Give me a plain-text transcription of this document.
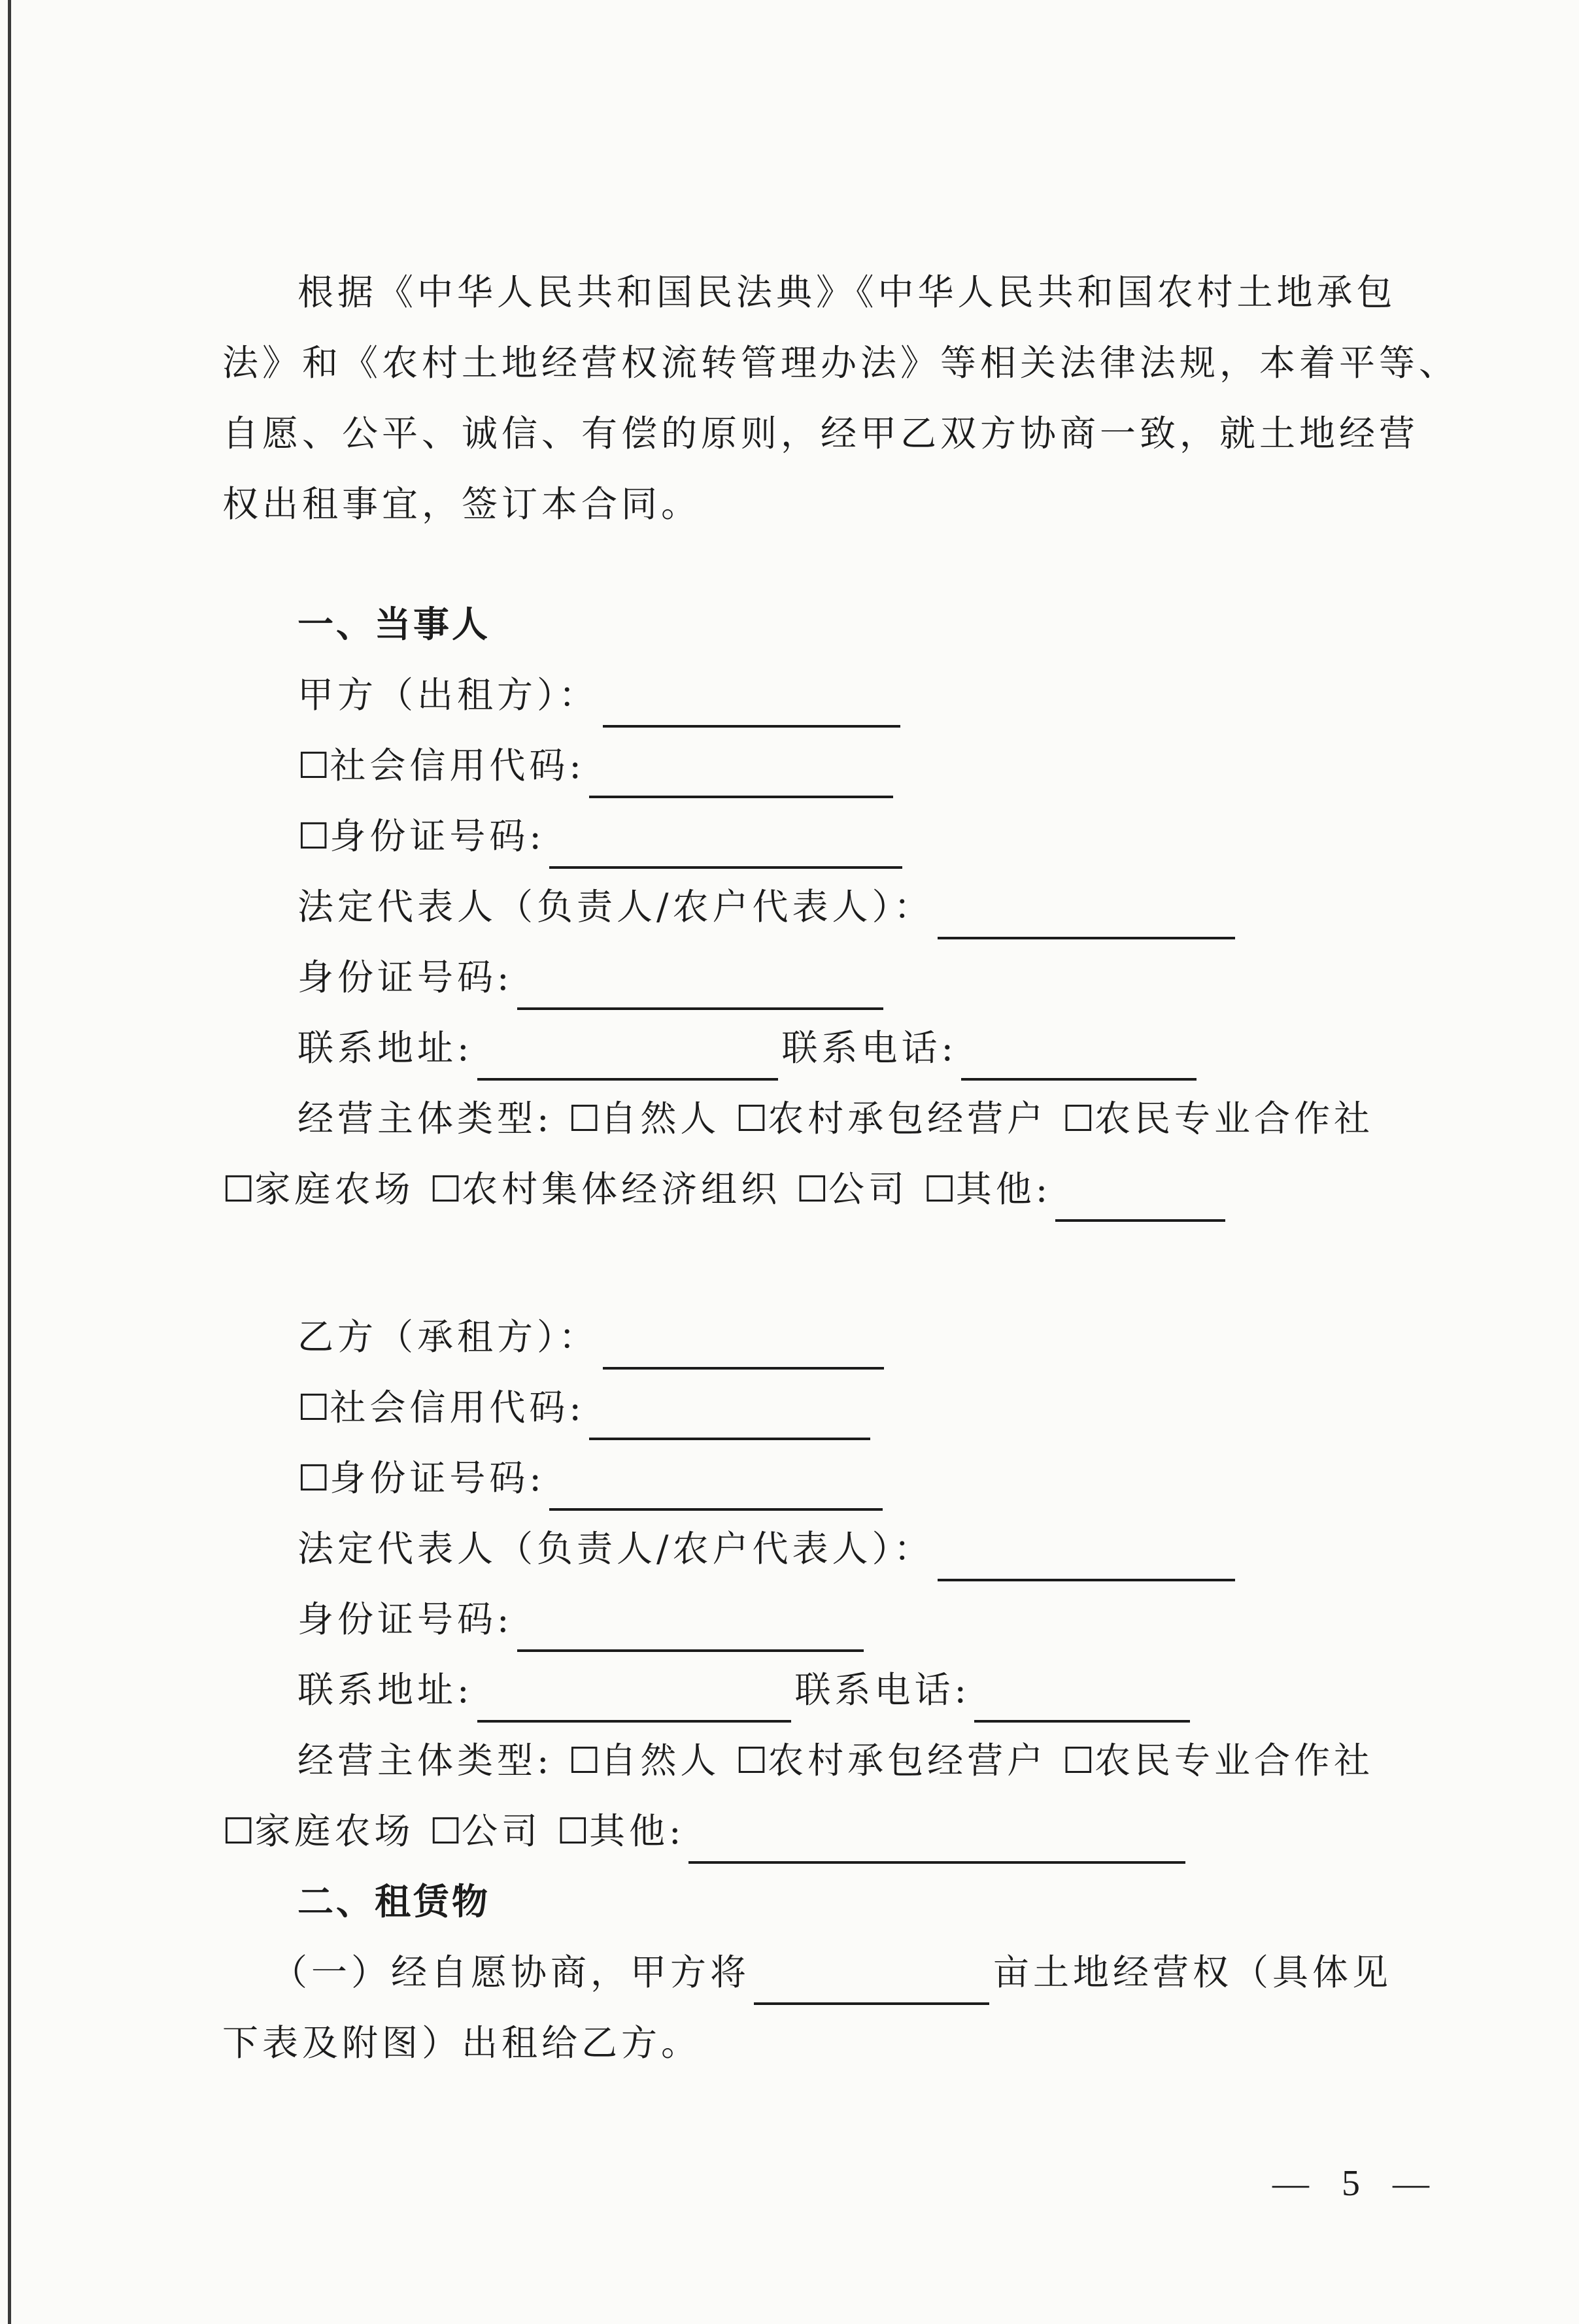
根据《中华人民共和国民法典》《中华人民共和国农村土地承包
法》和《农村土地经营权流转管理办法》等相关法律法规，本着平等、
自愿、公平、诚信、有偿的原则，经甲乙双方协商一致，就土地经营
权出租事宜，签订本合同。
一、当事人
甲方（出租方）：
☐社会信用代码:
☐身份证号码:
法定代表人（负责人/农户代表人）：
身份证号码:
联系地址:	联系电话:
经营主体类型: ☐自然人 ☐农村承包经营户 ☐农民专业合作社
☐家庭农场 ☐农村集体经济组织 ☐公司 ☐其他:
乙方（承租方）：
☐社会信用代码:
☐身份证号码:
法定代表人（负责人/农户代表人）：
身份证号码:
联系地址:	联系电话:
经营主体类型: ☐自然人 ☐农村承包经营户 ☐农民专业合作社
☐家庭农场 ☐公司 ☐其他:
二、租赁物
（一）经自愿协商，甲方将	亩土地经营权（具体见
下表及附图）出租给乙方。
— 5 —
